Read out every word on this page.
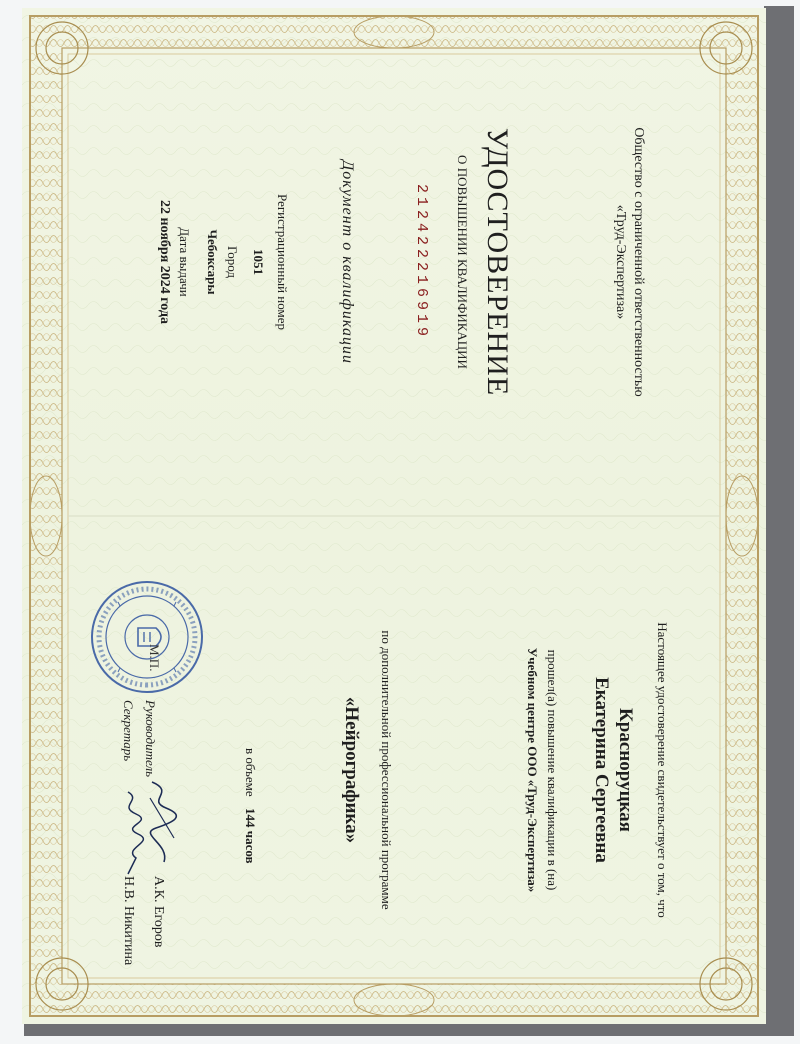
Общество с ограниченной ответственностью
«Труд-Экспертиза»
УДОСТОВЕРЕНИЕ
О ПОВЫШЕНИИ КВАЛИФИКАЦИИ
212422216919
Документ о квалификации
Регистрационный номер
1051
Город
Чебоксары
Дата выдачи
22 ноября 2024 года
Настоящее удостоверение свидетельствует о том, что
Красноруцкая
Екатерина Сергеевна
прошел(а) повышение квалификации в (на)
Учебном центре ООО «Труд-Экспертиза»
по дополнительной профессиональной программе
«Нейрографика»
в объеме
144 часов
Руководитель
А.К. Егоров
Секретарь
Н.В. Никитина
М.П.
